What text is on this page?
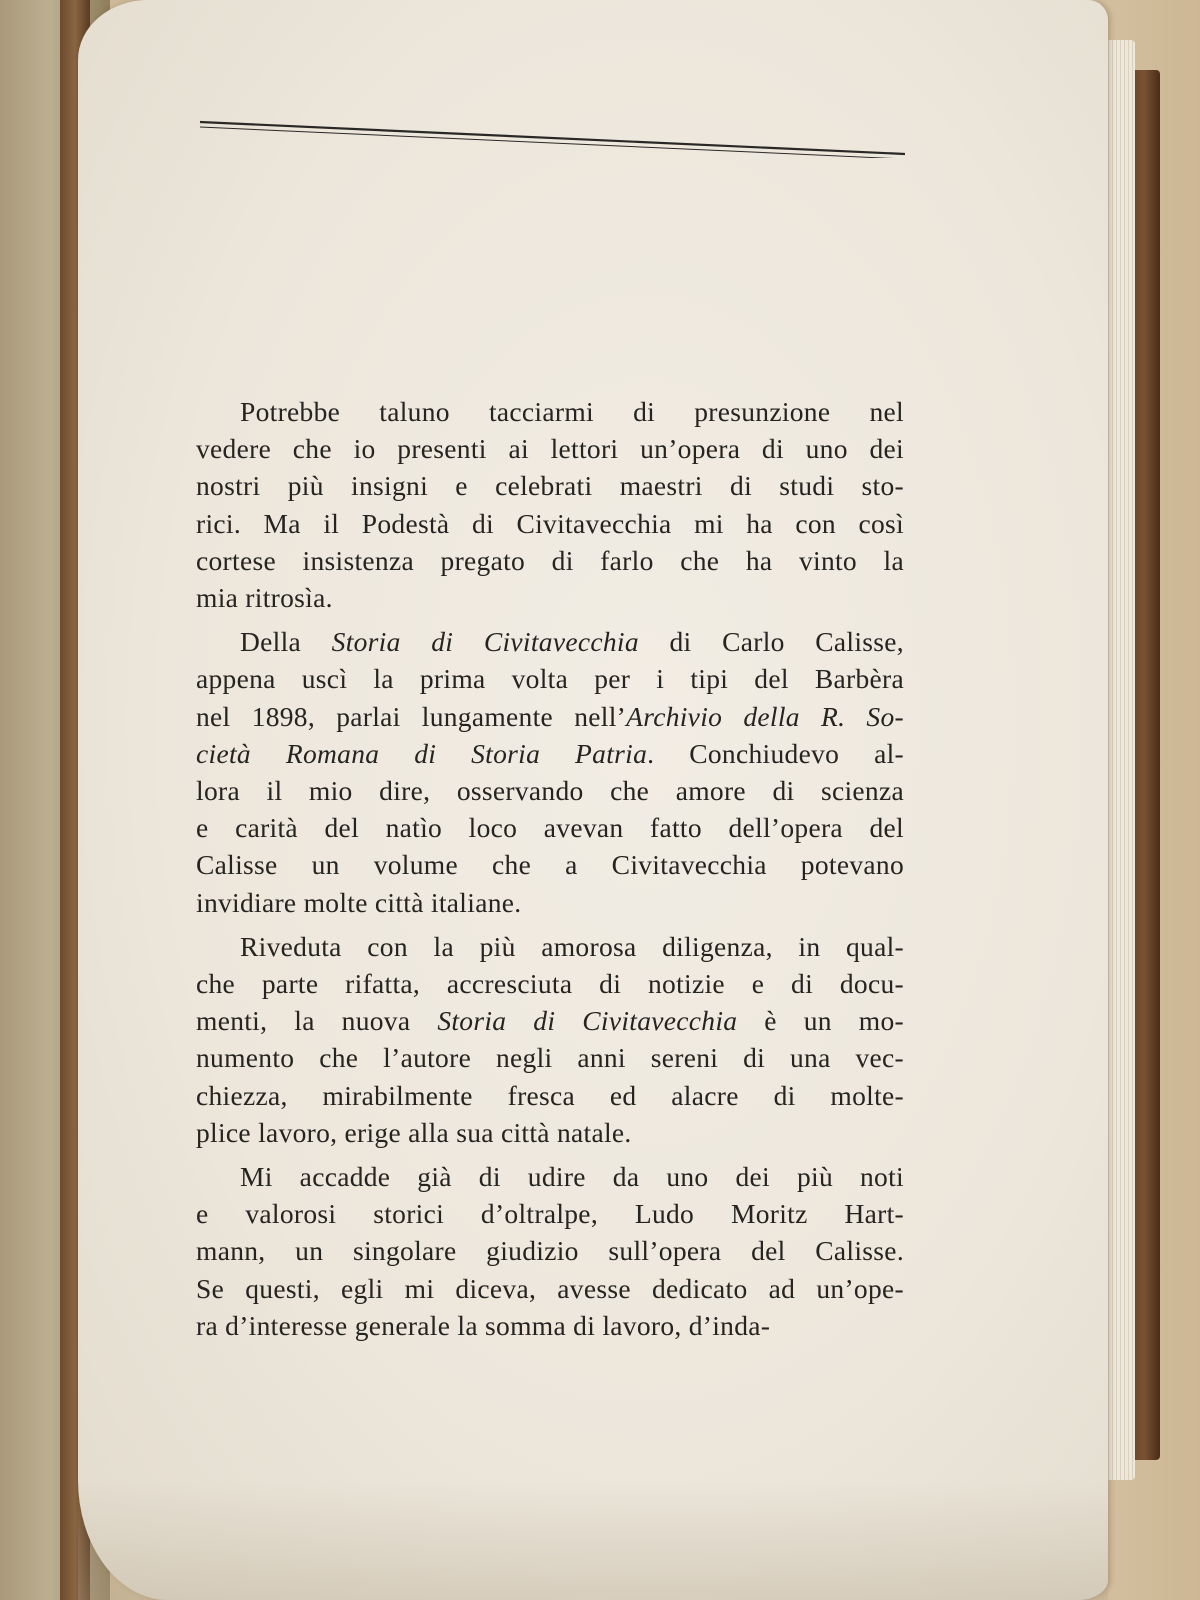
Potrebbe taluno tacciarmi di presunzione nel
vedere che io presenti ai lettori un’opera di uno dei
nostri più insigni e celebrati maestri di studi sto-
rici. Ma il Podestà di Civitavecchia mi ha con così
cortese insistenza pregato di farlo che ha vinto la
mia ritrosìa.
Della Storia di Civitavecchia di Carlo Calisse,
appena uscì la prima volta per i tipi del Barbèra
nel 1898, parlai lungamente nell’Archivio della R. So-
cietà Romana di Storia Patria. Conchiudevo al-
lora il mio dire, osservando che amore di scienza
e carità del natìo loco avevan fatto dell’opera del
Calisse un volume che a Civitavecchia potevano
invidiare molte città italiane.
Riveduta con la più amorosa diligenza, in qual-
che parte rifatta, accresciuta di notizie e di docu-
menti, la nuova Storia di Civitavecchia è un mo-
numento che l’autore negli anni sereni di una vec-
chiezza, mirabilmente fresca ed alacre di molte-
plice lavoro, erige alla sua città natale.
Mi accadde già di udire da uno dei più noti
e valorosi storici d’oltralpe, Ludo Moritz Hart-
mann, un singolare giudizio sull’opera del Calisse.
Se questi, egli mi diceva, avesse dedicato ad un’ope-
ra d’interesse generale la somma di lavoro, d’inda-
